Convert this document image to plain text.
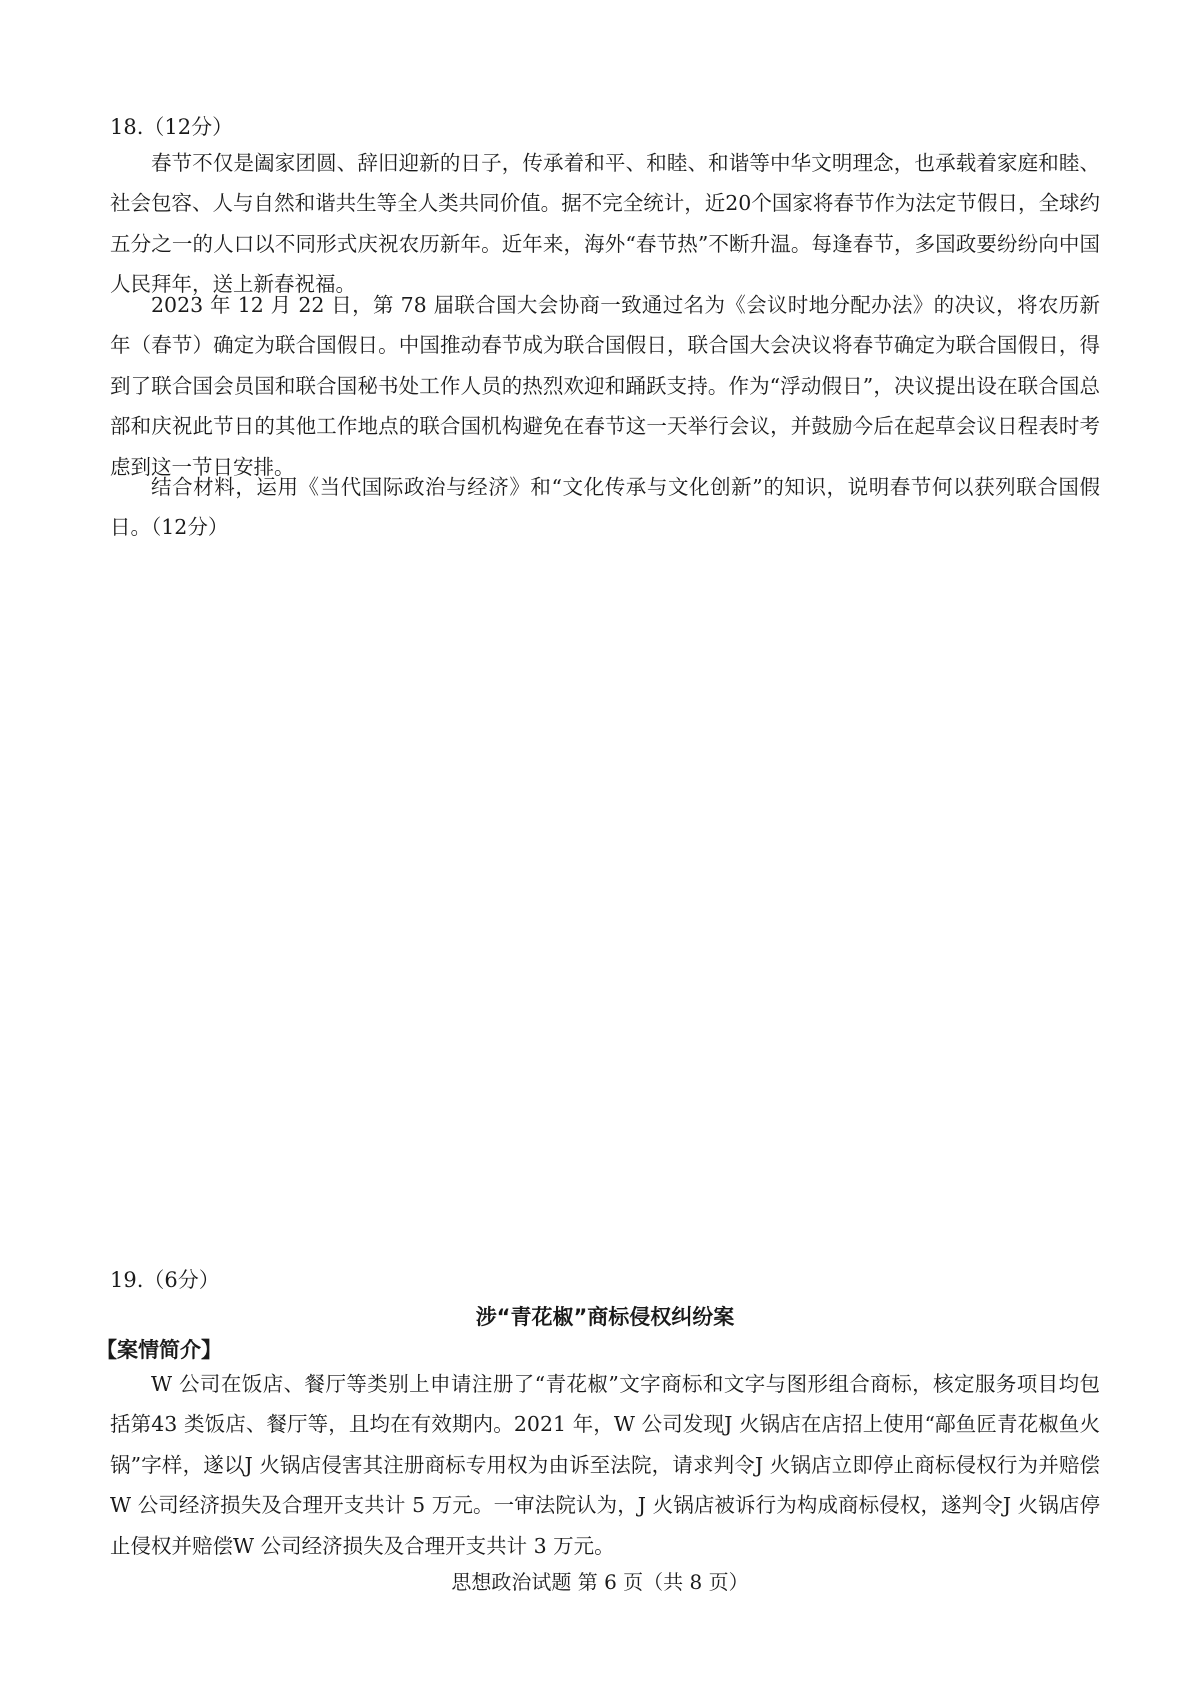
18.（12分）

春节不仅是阖家团圆、辞旧迎新的日子，传承着和平、和睦、和谐等中华文明理念，也承载着家庭和睦、社会包容、人与自然和谐共生等全人类共同价值。据不完全统计，近20个国家将春节作为法定节假日，全球约五分之一的人口以不同形式庆祝农历新年。近年来，海外“春节热”不断升温。每逢春节，多国政要纷纷向中国人民拜年，送上新春祝福。

2023 年 12 月 22 日，第 78 届联合国大会协商一致通过名为《会议时地分配办法》的决议，将农历新年（春节）确定为联合国假日。中国推动春节成为联合国假日，联合国大会决议将春节确定为联合国假日，得到了联合国会员国和联合国秘书处工作人员的热烈欢迎和踊跃支持。作为“浮动假日”，决议提出设在联合国总部和庆祝此节日的其他工作地点的联合国机构避免在春节这一天举行会议，并鼓励今后在起草会议日程表时考虑到这一节日安排。

结合材料，运用《当代国际政治与经济》和“文化传承与文化创新”的知识，说明春节何以获列联合国假日。（12分）

19.（6分）
涉“青花椒”商标侵权纠纷案
【案情简介】

W 公司在饭店、餐厅等类别上申请注册了“青花椒”文字商标和文字与图形组合商标，核定服务项目均包括第43 类饭店、餐厅等，且均在有效期内。2021 年，W 公司发现J 火锅店在店招上使用“鄗鱼匠青花椒鱼火锅”字样，遂以J 火锅店侵害其注册商标专用权为由诉至法院，请求判令J 火锅店立即停止商标侵权行为并赔偿W 公司经济损失及合理开支共计 5 万元。一审法院认为，J 火锅店被诉行为构成商标侵权，遂判令J 火锅店停止侵权并赔偿W 公司经济损失及合理开支共计 3 万元。

思想政治试题 第 6 页（共 8 页）
